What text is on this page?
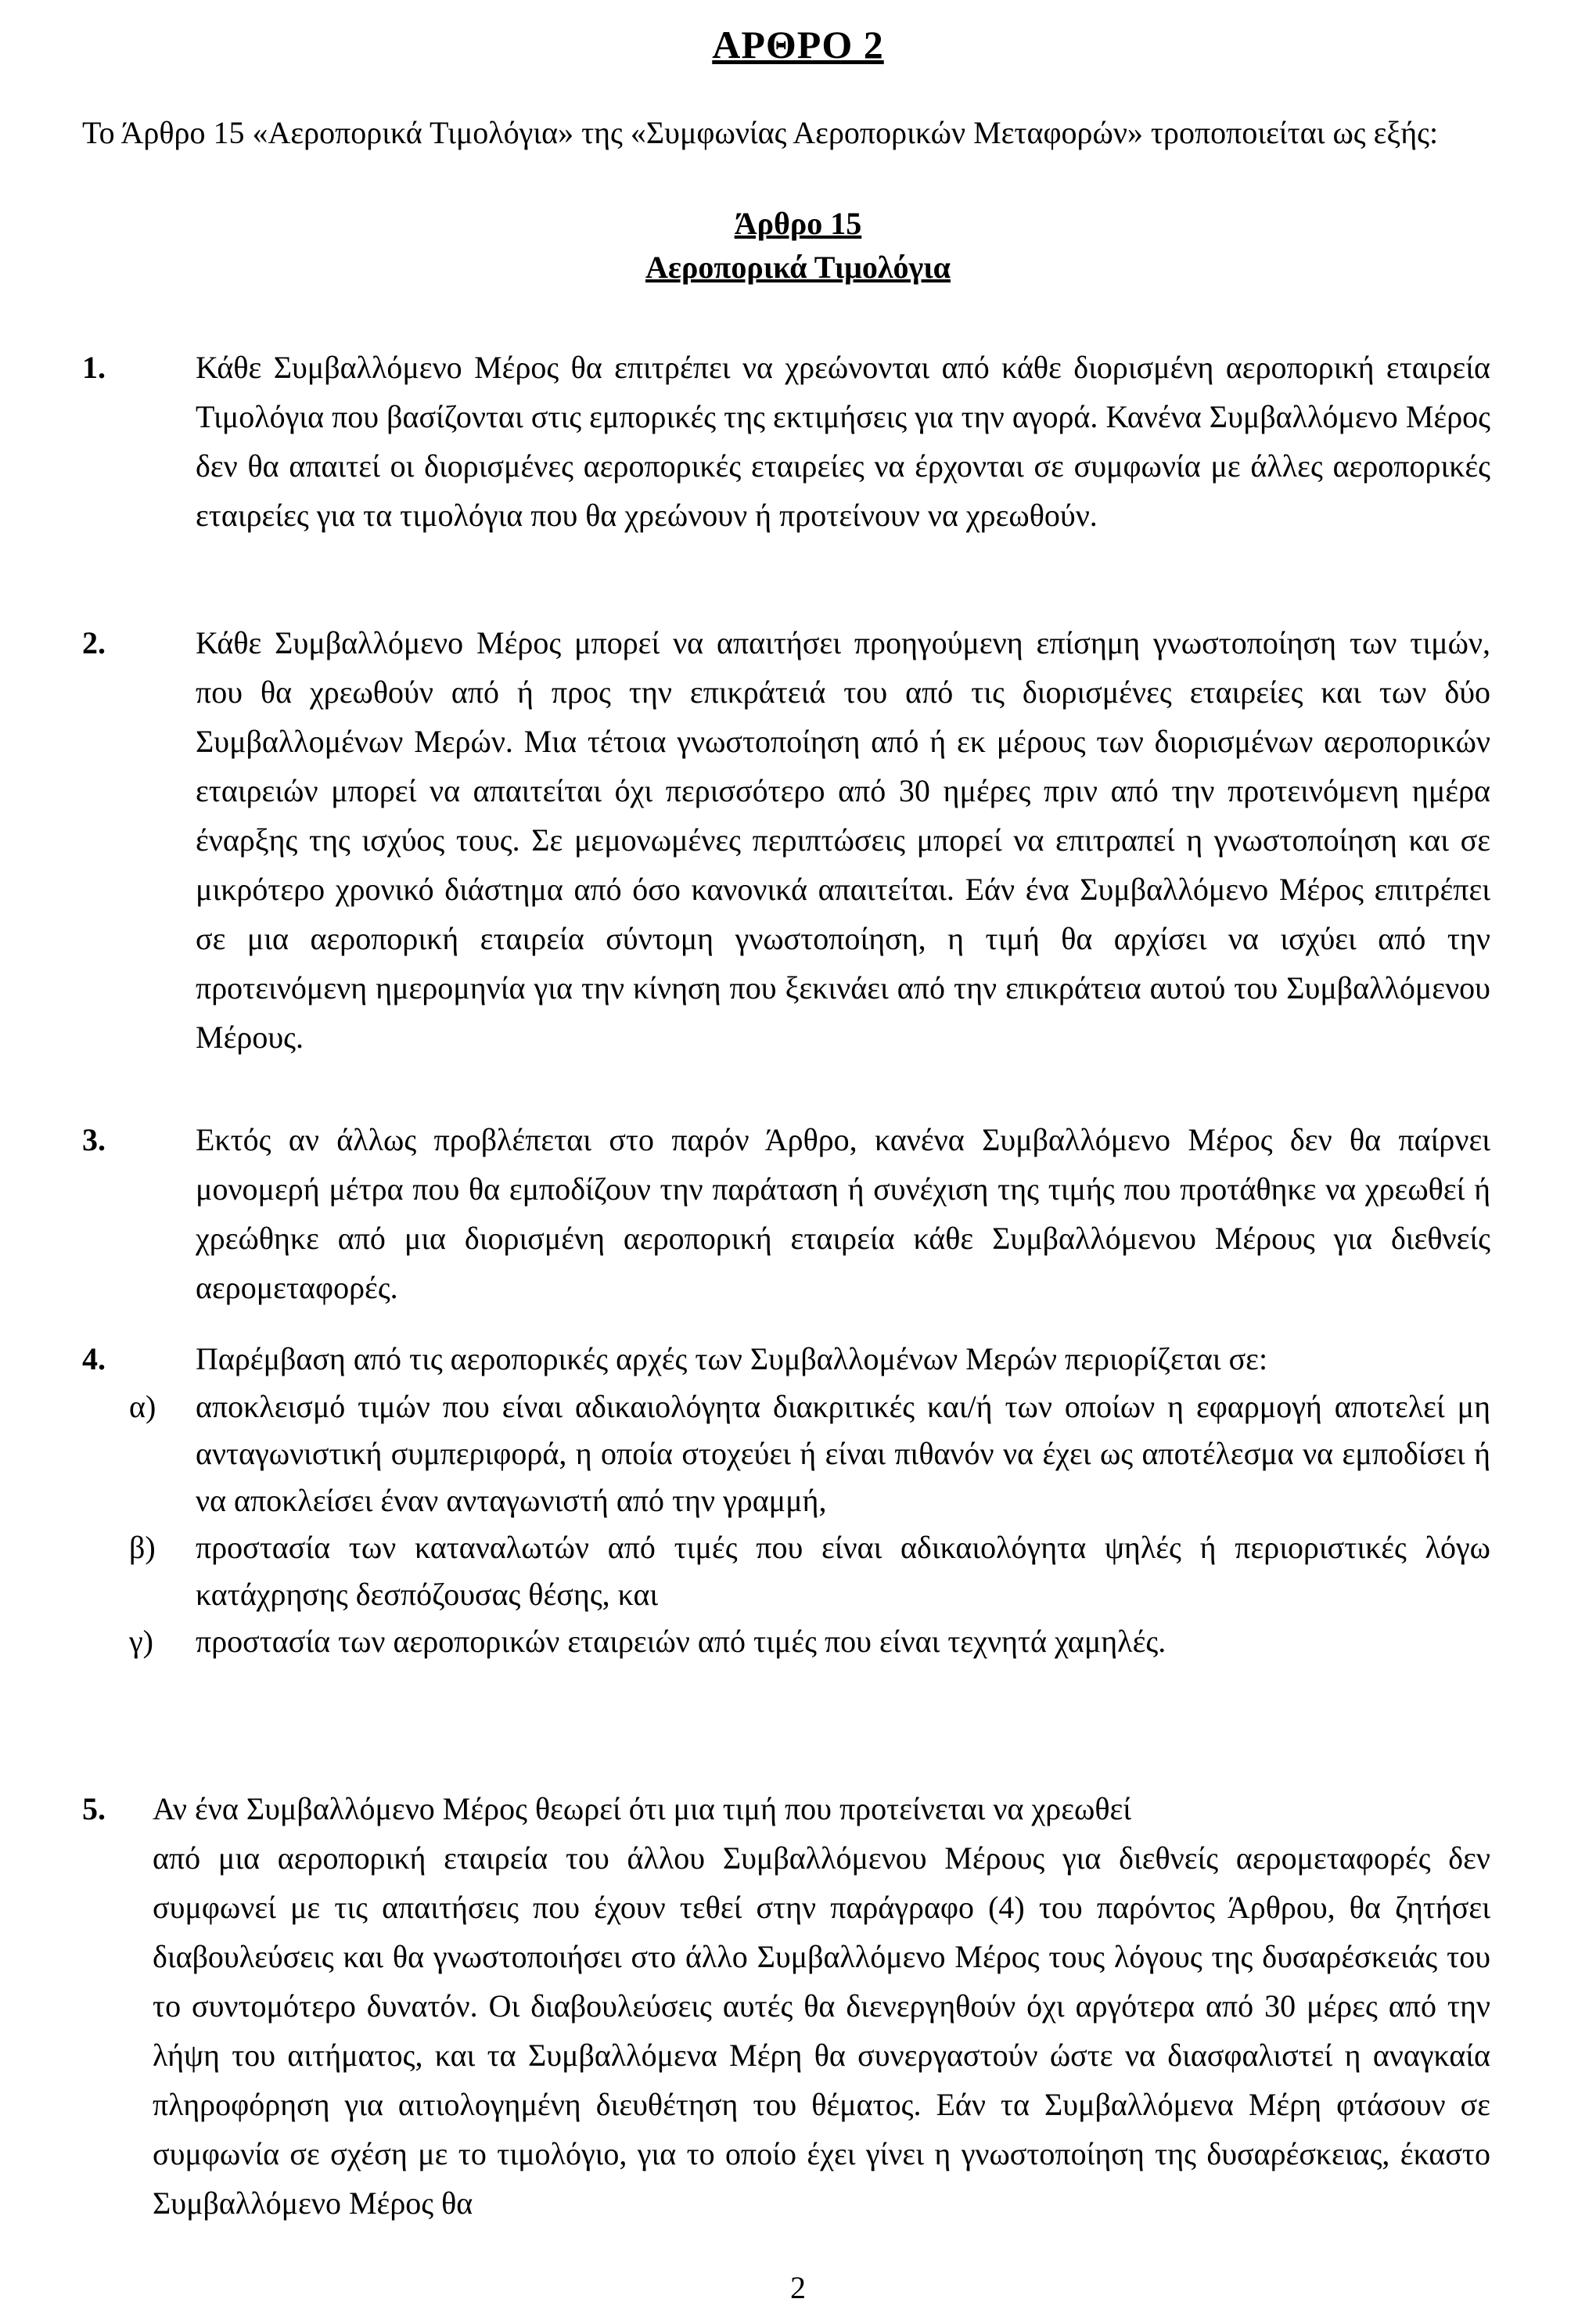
ΑΡΘΡΟ 2
Το Άρθρο 15 «Αεροπορικά Τιμολόγια» της «Συμφωνίας Αεροπορικών Μεταφορών» τροποποιείται ως εξής:
Άρθρο 15
Αεροπορικά Τιμολόγια
1.	Κάθε Συμβαλλόμενο Μέρος θα επιτρέπει να χρεώνονται από κάθε διορισμένη αεροπορική εταιρεία Τιμολόγια που βασίζονται στις εμπορικές της εκτιμήσεις για την αγορά. Κανένα Συμβαλλόμενο Μέρος δεν θα απαιτεί οι διορισμένες αεροπορικές εταιρείες να έρχονται σε συμφωνία με άλλες αεροπορικές εταιρείες για τα τιμολόγια που θα χρεώνουν ή προτείνουν να χρεωθούν.
2.	Κάθε Συμβαλλόμενο Μέρος μπορεί να απαιτήσει προηγούμενη επίσημη γνωστοποίηση των τιμών, που θα χρεωθούν από ή προς την επικράτειά του από τις διορισμένες εταιρείες και των δύο Συμβαλλομένων Μερών. Μια τέτοια γνωστοποίηση από ή εκ μέρους των διορισμένων αεροπορικών εταιρειών μπορεί να απαιτείται όχι περισσότερο από 30 ημέρες πριν από την προτεινόμενη ημέρα έναρξης της ισχύος τους. Σε μεμονωμένες περιπτώσεις μπορεί να επιτραπεί η γνωστοποίηση και σε μικρότερο χρονικό διάστημα από όσο κανονικά απαιτείται. Εάν ένα Συμβαλλόμενο Μέρος επιτρέπει σε μια αεροπορική εταιρεία σύντομη γνωστοποίηση, η τιμή θα αρχίσει να ισχύει από την προτεινόμενη ημερομηνία για την κίνηση που ξεκινάει από την επικράτεια αυτού του Συμβαλλόμενου Μέρους.
3.	Εκτός αν άλλως προβλέπεται στο παρόν Άρθρο, κανένα Συμβαλλόμενο Μέρος δεν θα παίρνει μονομερή μέτρα που θα εμποδίζουν την παράταση ή συνέχιση της τιμής που προτάθηκε να χρεωθεί ή χρεώθηκε από μια διορισμένη αεροπορική εταιρεία κάθε Συμβαλλόμενου Μέρους για διεθνείς αερομεταφορές.
4.	Παρέμβαση από τις αεροπορικές αρχές των Συμβαλλομένων Μερών περιορίζεται σε:
α) αποκλεισμό τιμών που είναι αδικαιολόγητα διακριτικές και/ή των οποίων η εφαρμογή αποτελεί μη ανταγωνιστική συμπεριφορά, η οποία στοχεύει ή είναι πιθανόν να έχει ως αποτέλεσμα να εμποδίσει ή να αποκλείσει έναν ανταγωνιστή από την γραμμή,
β) προστασία των καταναλωτών από τιμές που είναι αδικαιολόγητα ψηλές ή περιοριστικές λόγω κατάχρησης δεσπόζουσας θέσης, και
γ) προστασία των αεροπορικών εταιρειών από τιμές που είναι τεχνητά χαμηλές.
5. Αν ένα Συμβαλλόμενο Μέρος θεωρεί ότι μια τιμή που προτείνεται να χρεωθεί
από μια αεροπορική εταιρεία του άλλου Συμβαλλόμενου Μέρους για διεθνείς αερομεταφορές δεν συμφωνεί με τις απαιτήσεις που έχουν τεθεί στην παράγραφο (4) του παρόντος Άρθρου, θα ζητήσει διαβουλεύσεις και θα γνωστοποιήσει στο άλλο Συμβαλλόμενο Μέρος τους λόγους της δυσαρέσκειάς του το συντομότερο δυνατόν. Οι διαβουλεύσεις αυτές θα διενεργηθούν όχι αργότερα από 30 μέρες από την λήψη του αιτήματος, και τα Συμβαλλόμενα Μέρη θα συνεργαστούν ώστε να διασφαλιστεί η αναγκαία πληροφόρηση για αιτιολογημένη διευθέτηση του θέματος. Εάν τα Συμβαλλόμενα Μέρη φτάσουν σε συμφωνία σε σχέση με το τιμολόγιο, για το οποίο έχει γίνει η γνωστοποίηση της δυσαρέσκειας, έκαστο Συμβαλλόμενο Μέρος θα
2
